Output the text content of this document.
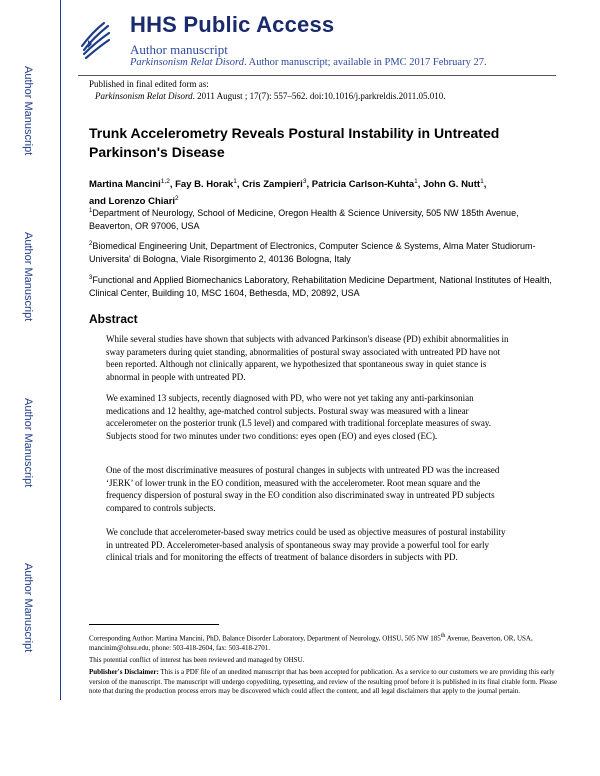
HHS Public Access
Author manuscript
Parkinsonism Relat Disord. Author manuscript; available in PMC 2017 February 27.
Author Manuscript
Author Manuscript
Author Manuscript
Author Manuscript
Published in final edited form as:
Parkinsonism Relat Disord. 2011 August ; 17(7): 557–562. doi:10.1016/j.parkreldis.2011.05.010.
Trunk Accelerometry Reveals Postural Instability in Untreated Parkinson's Disease
Martina Mancini$^{1,2}$, Fay B. Horak$^1$, Cris Zampieri$^3$, Patricia Carlson-Kuhta$^1$, John G. Nutt$^1$,
and Lorenzo Chiari$^2$
$^1$Department of Neurology, School of Medicine, Oregon Health & Science University, 505 NW 185th Avenue, Beaverton, OR 97006, USA
$^2$Biomedical Engineering Unit, Department of Electronics, Computer Science & Systems, Alma Mater Studiorum-Universita' di Bologna, Viale Risorgimento 2, 40136 Bologna, Italy
$^3$Functional and Applied Biomechanics Laboratory, Rehabilitation Medicine Department, National Institutes of Health, Clinical Center, Building 10, MSC 1604, Bethesda, MD, 20892, USA
Abstract
While several studies have shown that subjects with advanced Parkinson's disease (PD) exhibit abnormalities in sway parameters during quiet standing, abnormalities of postural sway associated with untreated PD have not been reported. Although not clinically apparent, we hypothesized that spontaneous sway in quiet stance is abnormal in people with untreated PD.
We examined 13 subjects, recently diagnosed with PD, who were not yet taking any anti-parkinsonian medications and 12 healthy, age-matched control subjects. Postural sway was measured with a linear accelerometer on the posterior trunk (L5 level) and compared with traditional forceplate measures of sway. Subjects stood for two minutes under two conditions: eyes open (EO) and eyes closed (EC).
One of the most discriminative measures of postural changes in subjects with untreated PD was the increased ‘JERK’ of lower trunk in the EO condition, measured with the accelerometer. Root mean square and the frequency dispersion of postural sway in the EO condition also discriminated sway in untreated PD subjects compared to controls subjects.
We conclude that accelerometer-based sway metrics could be used as objective measures of postural instability in untreated PD. Accelerometer-based analysis of spontaneous sway may provide a powerful tool for early clinical trials and for monitoring the effects of treatment of balance disorders in subjects with PD.
Corresponding Author: Martina Mancini, PhD, Balance Disorder Laboratory, Department of Neurology, OHSU, 505 NW 185th Avenue, Beaverton, OR, USA, mancinim@ohsu.edu, phone: 503-418-2604, fax: 503-418-2701.
This potential conflict of interest has been reviewed and managed by OHSU.
Publisher's Disclaimer: This is a PDF file of an unedited manuscript that has been accepted for publication. As a service to our customers we are providing this early version of the manuscript. The manuscript will undergo copyediting, typesetting, and review of the resulting proof before it is published in its final citable form. Please note that during the production process errors may be discovered which could affect the content, and all legal disclaimers that apply to the journal pertain.
